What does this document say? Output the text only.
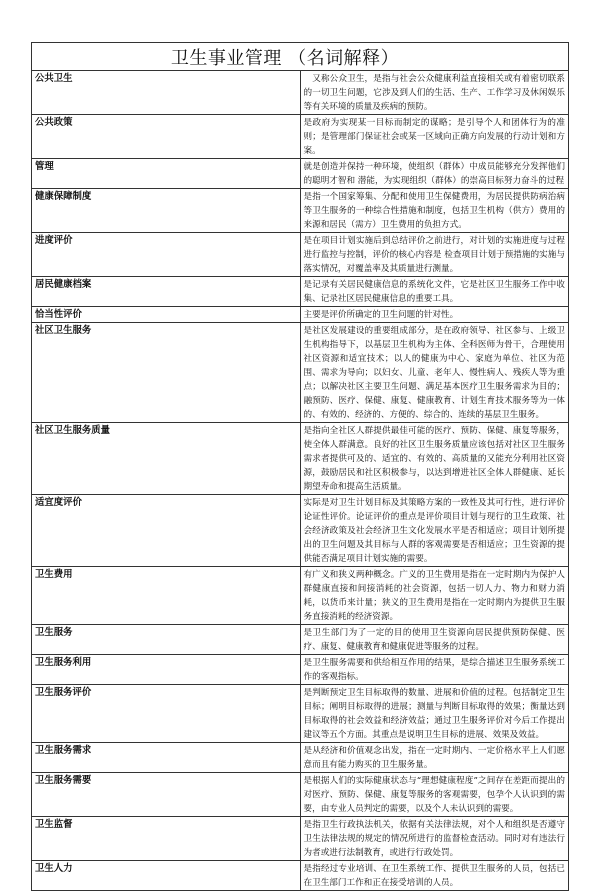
卫生事业管理 （名词解释）	
公共卫生	　又称公众卫生，是指与社会公众健康利益直接相关或有着密切联系的一切卫生问题，它涉及到人们的生活、生产、工作学习及休闲娱乐等有关环境的质量及疾病的预防。
公共政策	是政府为实现某一目标而制定的谋略；是引导个人和团体行为的准则；是管理部门保证社会或某一区域向正确方向发展的行动计划和方案。
管理	就是创造并保持一种环境，使组织（群体）中成员能够充分发挥他们的聪明才智和 潜能，为实现组织（群体）的崇高目标努力奋斗的过程
健康保障制度	是指一个国家筹集、分配和使用卫生保健费用，为居民提供防病治病等卫生服务的一种综合性措施和制度，包括卫生机构（供方）费用的来源和居民（需方）卫生费用的负担方式。
进度评价	是在项目计划实施后到总结评价之前进行，对计划的实施进度与过程进行监控与控制，评价的核心内容是 检查项目计划于预措施的实施与落实情况，对覆盖率及其质量进行测量。
居民健康档案	是记录有关居民健康信息的系统化文件，它是社区卫生服务工作中收集、记录社区居民健康信息的重要工具。
恰当性评价	主要是评价所确定的卫生问题的针对性。
社区卫生服务	是社区发展建设的重要组成部分，是在政府领导、社区参与、上级卫生机构指导下，以基层卫生机构为主体、全科医师为骨干，合理使用社区资源和适宜技术；以人的健康为中心、家庭为单位、社区为范围、需求为导向；以妇女、儿童、老年人、慢性病人、残疾人等为重点；以解决社区主要卫生问题、满足基本医疗卫生服务需求为目的；融预防、医疗、保健、康复、健康教育、计划生育技术服务等为一体的、有效的、经济的、方便的、综合的、连续的基层卫生服务。
社区卫生服务质量	是指向全社区人群提供最佳可能的医疗、预防、保健、康复等服务，使全体人群满意。良好的社区卫生服务质量应该包括对社区卫生服务需求者提供可及的、适宜的、有效的、高质量的又能充分利用社区资源，鼓励居民和社区积极参与，以达到增进社区全体人群健康、延长期望寿命和提高生活质量。
适宜度评价	实际是对卫生计划目标及其策略方案的一致性及其可行性，进行评价论证性评价。论证评价的重点是评价项目计划与现行的卫生政策、社会经济政策及社会经济卫生文化发展水平是否相适应；项目计划所提出的卫生问题及其目标与人群的客观需要是否相适应；卫生资源的提供能否满足项目计划实施的需要。
卫生费用	有广义和狭义两种概念。广义的卫生费用是指在一定时期内为保护人群健康直接和间接消耗的社会资源，包括一切人力、物力和财力消耗，以货币来计量；狭义的卫生费用是指在一定时期内为提供卫生服务直接消耗的经济资源。
卫生服务	是卫生部门为了一定的目的使用卫生资源向居民提供预防保健、医疗、康复、健康教育和健康促进等服务的过程。
卫生服务利用	是卫生服务需要和供给相互作用的结果，是综合描述卫生服务系统工作的客观指标。
卫生服务评价	是判断预定卫生目标取得的数量、进展和价值的过程。包括制定卫生目标；阐明目标取得的进展；测量与判断目标取得的效果；衡量达到目标取得的社会效益和经济效益；通过卫生服务评价对今后工作提出建议等五个方面。其重点是说明卫生目标的进展、效果及效益。
卫生服务需求	是从经济和价值观念出发，指在一定时期内、一定价格水平上人们愿意而且有能力购买的卫生服务量。
卫生服务需要	是根据人们的实际健康状态与“理想健康程度”之间存在差距而提出的对医疗、预防、保健、康复等服务的客观需要，包孕个人认识到的需要，由专业人员判定的需要，以及个人未认识到的需要。
卫生监督	是指卫生行政执法机关，依据有关法律法规，对个人和组织是否遵守卫生法律法规的规定的情况所进行的监督检查活动。同时对有违法行为者或进行法制教育，或进行行政处罚。
卫生人力	是指经过专业培训、在卫生系统工作、提供卫生服务的人员，包括已在卫生部门工作和正在接受培训的人员。
